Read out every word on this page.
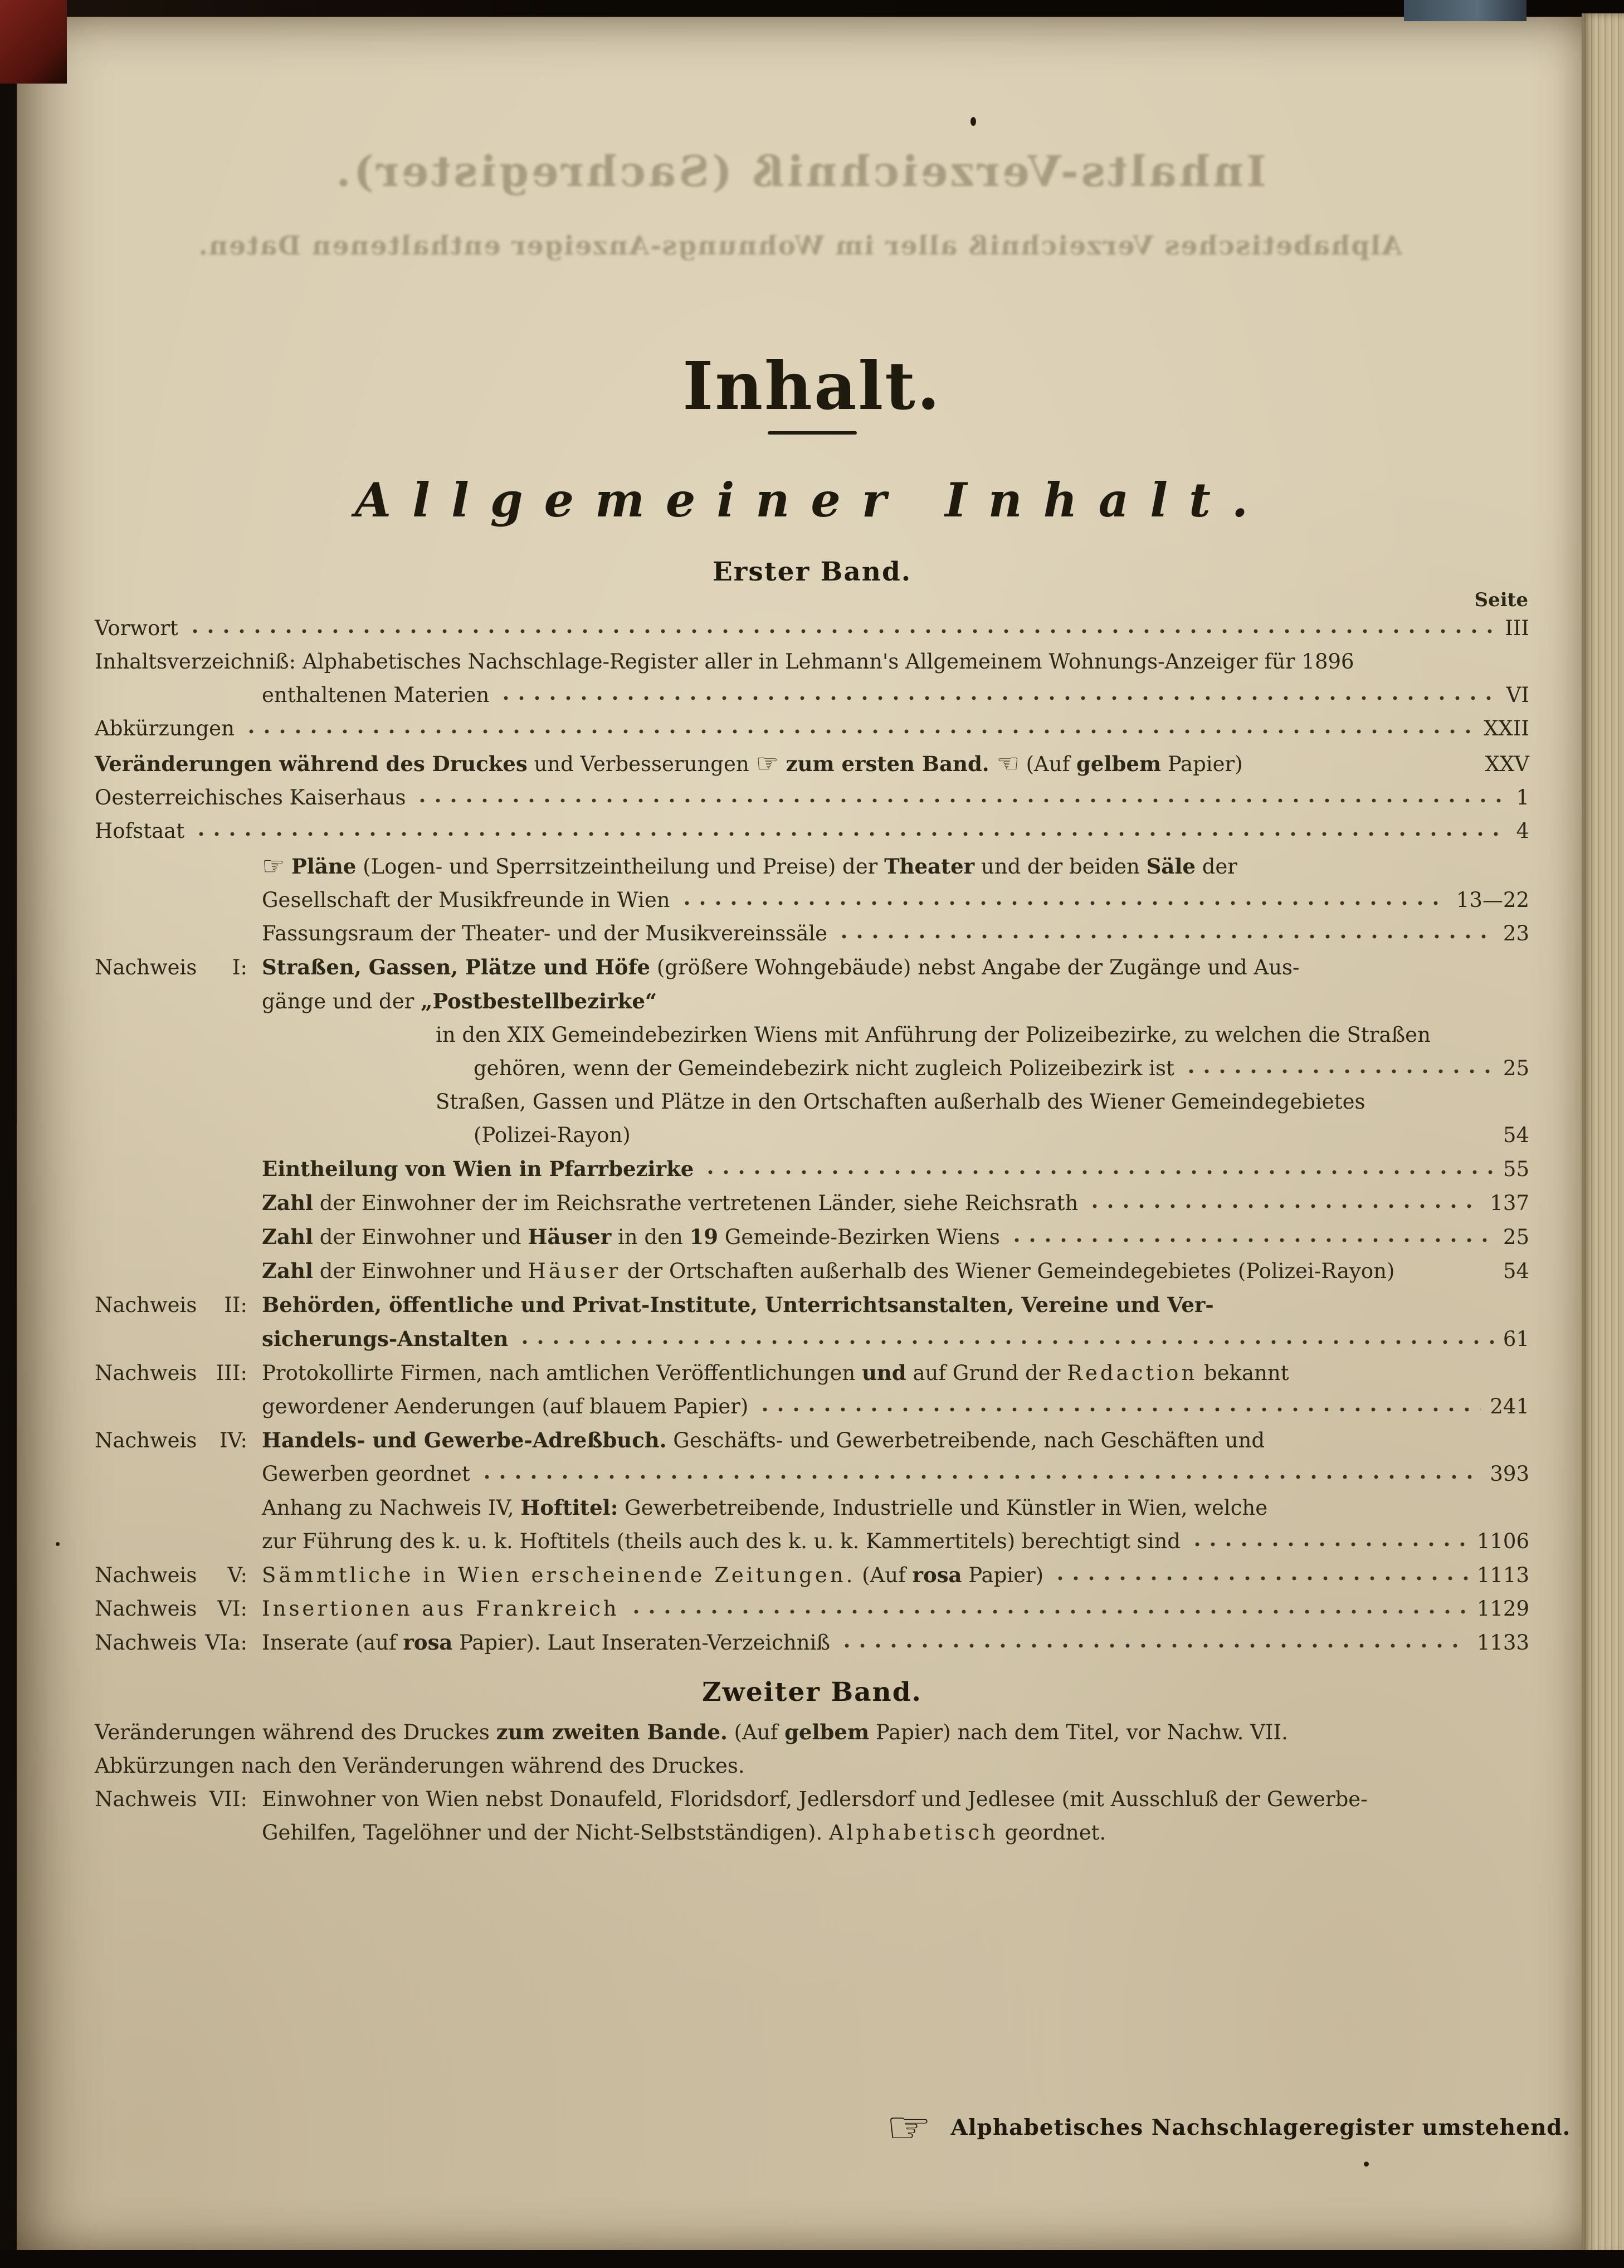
Inhalts-Verzeichniß (Sachregister).
Alphabetisches Verzeichniß aller im Wohnungs-Anzeiger enthaltenen Daten.
Inhalt.
Allgemeiner Inhalt.
Erster Band.
Seite
Vorwort	III
Inhaltsverzeichniß: Alphabetisches Nachschlage-Register aller in Lehmann's Allgemeinem Wohnungs-Anzeiger für 1896
enthaltenen Materien	VI
Abkürzungen	XXII
Veränderungen während des Druckes und Verbesserungen ☞ zum ersten Band. ☜ (Auf gelbem Papier)	XXV
Oesterreichisches Kaiserhaus	1
Hofstaat	4
☞ Pläne (Logen- und Sperrsitzeintheilung und Preise) der Theater und der beiden Säle der
Gesellschaft der Musikfreunde in Wien	13—22
Fassungsraum der Theater- und der Musikvereinssäle	23
Nachweis I: Straßen, Gassen, Plätze und Höfe (größere Wohngebäude) nebst Angabe der Zugänge und Aus-
gänge und der „Postbestellbezirke“
in den XIX Gemeindebezirken Wiens mit Anführung der Polizeibezirke, zu welchen die Straßen
gehören, wenn der Gemeindebezirk nicht zugleich Polizeibezirk ist	25
Straßen, Gassen und Plätze in den Ortschaften außerhalb des Wiener Gemeindegebietes
(Polizei-Rayon)	54
Eintheilung von Wien in Pfarrbezirke	55
Zahl der Einwohner der im Reichsrathe vertretenen Länder, siehe Reichsrath	137
Zahl der Einwohner und Häuser in den 19 Gemeinde-Bezirken Wiens	25
Zahl der Einwohner und Häuser der Ortschaften außerhalb des Wiener Gemeindegebietes (Polizei-Rayon)	54
Nachweis II: Behörden, öffentliche und Privat-Institute, Unterrichtsanstalten, Vereine und Ver-
sicherungs-Anstalten	61
Nachweis III: Protokollirte Firmen, nach amtlichen Veröffentlichungen und auf Grund der Redaction bekannt
gewordener Aenderungen (auf blauem Papier)	241
Nachweis IV: Handels- und Gewerbe-Adreßbuch. Geschäfts- und Gewerbetreibende, nach Geschäften und
Gewerben geordnet	393
Anhang zu Nachweis IV, Hoftitel: Gewerbetreibende, Industrielle und Künstler in Wien, welche
zur Führung des k. u. k. Hoftitels (theils auch des k. u. k. Kammertitels) berechtigt sind	1106
Nachweis V: Sämmtliche in Wien erscheinende Zeitungen. (Auf rosa Papier)	1113
Nachweis VI: Insertionen aus Frankreich	1129
Nachweis VIa: Inserate (auf rosa Papier). Laut Inseraten-Verzeichniß	1133
Zweiter Band.
Veränderungen während des Druckes zum zweiten Bande. (Auf gelbem Papier) nach dem Titel, vor Nachw. VII.
Abkürzungen nach den Veränderungen während des Druckes.
Nachweis VII: Einwohner von Wien nebst Donaufeld, Floridsdorf, Jedlersdorf und Jedlesee (mit Ausschluß der Gewerbe-
Gehilfen, Tagelöhner und der Nicht-Selbstständigen). Alphabetisch geordnet.
☞ Alphabetisches Nachschlageregister umstehend.
